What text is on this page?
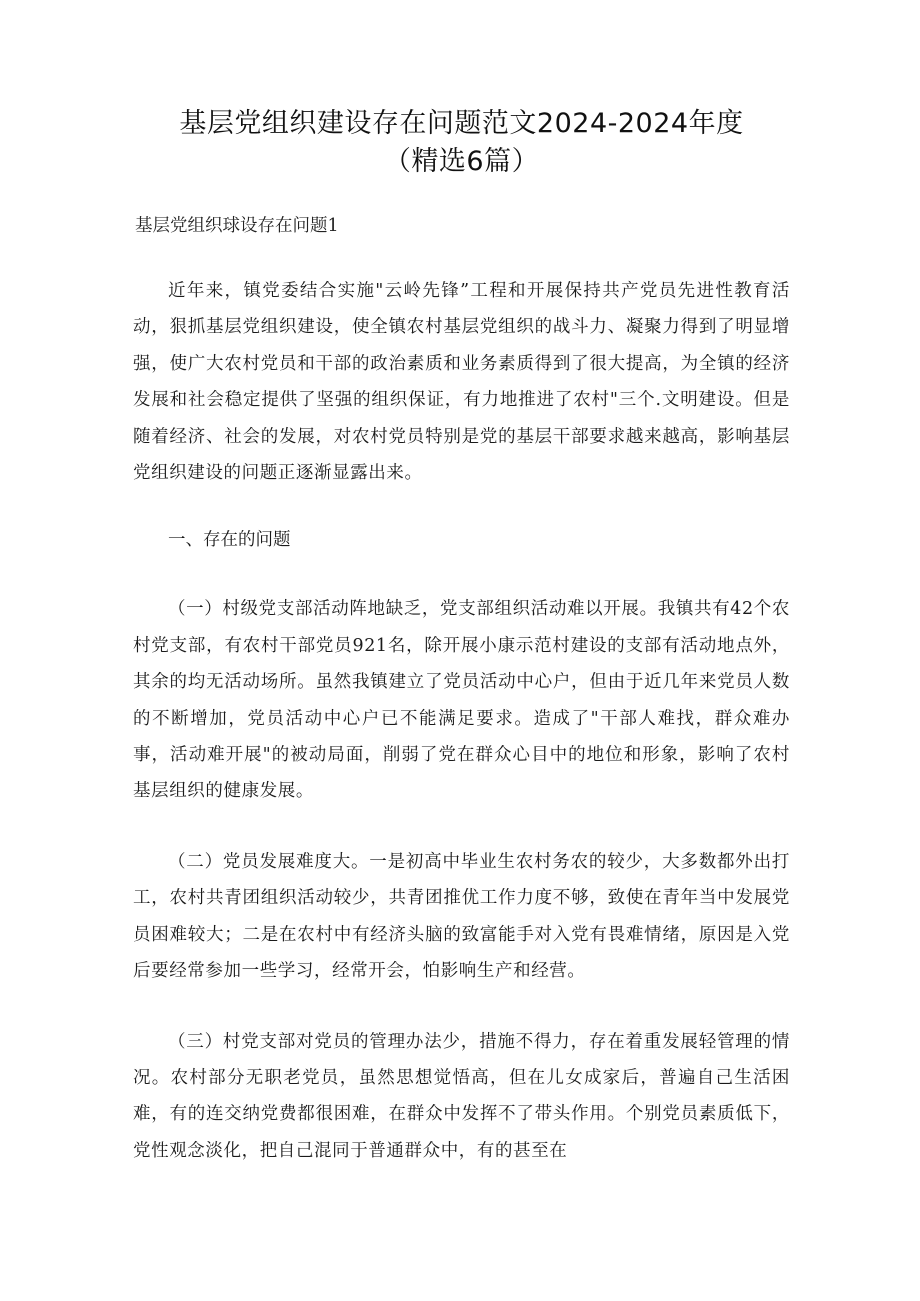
基层党组织建设存在问题范文2024-2024年度（精选6篇）
基层党组织球设存在问题1

近年来，镇党委结合实施"云岭先锋”工程和开展保持共产党员先进性教育活动，狠抓基层党组织建设，使全镇农村基层党组织的战斗力、凝聚力得到了明显增强，使广大农村党员和干部的政治素质和业务素质得到了很大提高，为全镇的经济发展和社会稳定提供了坚强的组织保证，有力地推进了农村"三个.文明建设。但是随着经济、社会的发展，对农村党员特别是党的基层干部要求越来越高，影响基层党组织建设的问题正逐渐显露出来。

一、存在的问题

（一）村级党支部活动阵地缺乏，党支部组织活动难以开展。我镇共有42个农村党支部，有农村干部党员921名，除开展小康示范村建设的支部有活动地点外，其余的均无活动场所。虽然我镇建立了党员活动中心户，但由于近几年来党员人数的不断增加，党员活动中心户已不能满足要求。造成了"干部人难找，群众难办事，活动难开展"的被动局面，削弱了党在群众心目中的地位和形象，影响了农村基层组织的健康发展。

（二）党员发展难度大。一是初高中毕业生农村务农的较少，大多数都外出打工，农村共青团组织活动较少，共青团推优工作力度不够，致使在青年当中发展党员困难较大；二是在农村中有经济头脑的致富能手对入党有畏难情绪，原因是入党后要经常参加一些学习，经常开会，怕影响生产和经营。

（三）村党支部对党员的管理办法少，措施不得力，存在着重发展轻管理的情况。农村部分无职老党员，虽然思想觉悟高，但在儿女成家后，普遍自己生活困难，有的连交纳党费都很困难，在群众中发挥不了带头作用。个别党员素质低下，党性观念淡化，把自己混同于普通群众中，有的甚至在
